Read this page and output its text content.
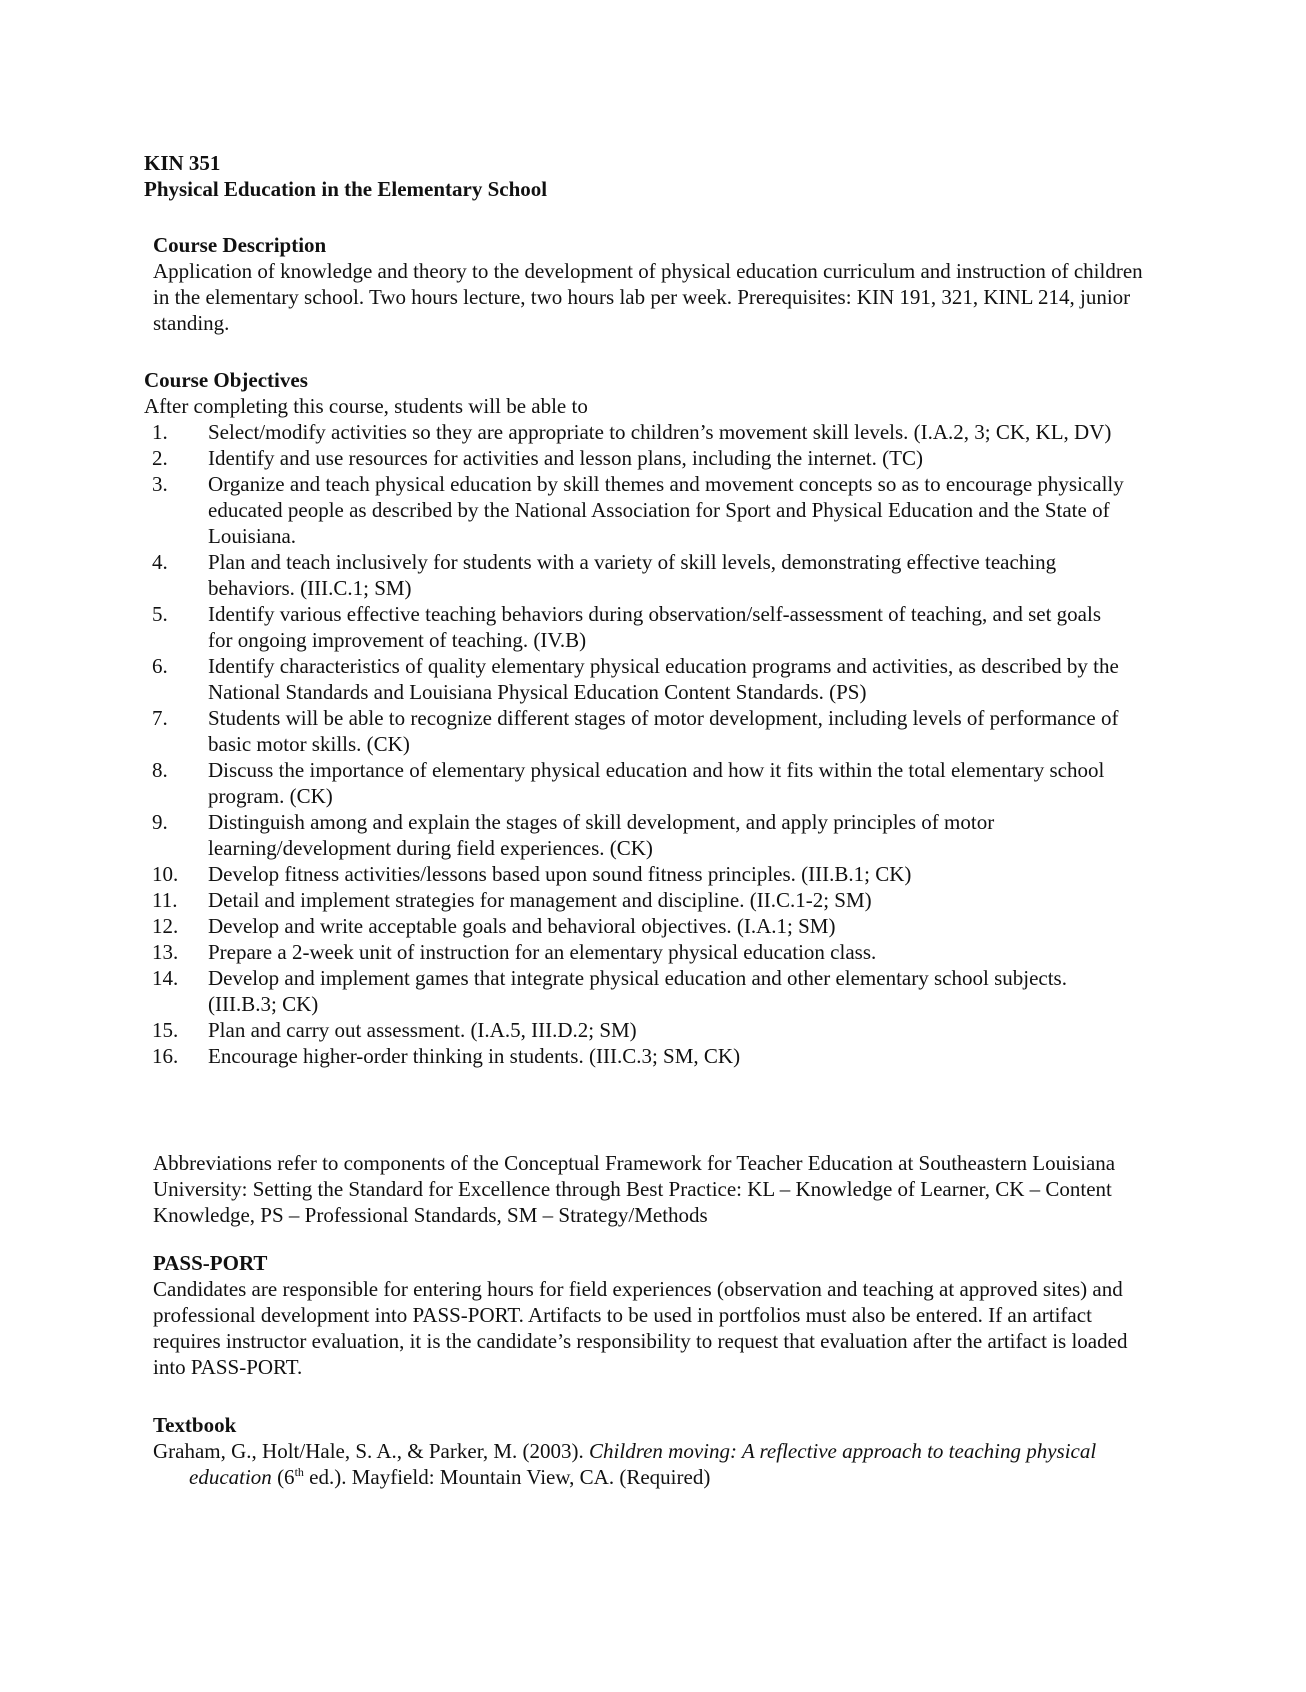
KIN 351
Physical Education in the Elementary School
Course Description
Application of knowledge and theory to the development of physical education curriculum and instruction of children in the elementary school. Two hours lecture, two hours lab per week. Prerequisites: KIN 191, 321, KINL 214, junior standing.
Course Objectives
After completing this course, students will be able to
1.	Select/modify activities so they are appropriate to children’s movement skill levels. (I.A.2, 3; CK, KL, DV)
2.	Identify and use resources for activities and lesson plans, including the internet. (TC)
3.	Organize and teach physical education by skill themes and movement concepts so as to encourage physically educated people as described by the National Association for Sport and Physical Education and the State of Louisiana.
4.	Plan and teach inclusively for students with a variety of skill levels, demonstrating effective teaching behaviors. (III.C.1; SM)
5.	Identify various effective teaching behaviors during observation/self-assessment of teaching, and set goals for ongoing improvement of teaching. (IV.B)
6.	Identify characteristics of quality elementary physical education programs and activities, as described by the National Standards and Louisiana Physical Education Content Standards. (PS)
7.	Students will be able to recognize different stages of motor development, including levels of performance of basic motor skills. (CK)
8.	Discuss the importance of elementary physical education and how it fits within the total elementary school program. (CK)
9.	Distinguish among and explain the stages of skill development, and apply principles of motor learning/development during field experiences. (CK)
10.	Develop fitness activities/lessons based upon sound fitness principles. (III.B.1; CK)
11.	Detail and implement strategies for management and discipline. (II.C.1-2; SM)
12.	Develop and write acceptable goals and behavioral objectives. (I.A.1; SM)
13.	Prepare a 2-week unit of instruction for an elementary physical education class.
14.	Develop and implement games that integrate physical education and other elementary school subjects. (III.B.3; CK)
15.	Plan and carry out assessment. (I.A.5, III.D.2; SM)
16.	Encourage higher-order thinking in students. (III.C.3; SM, CK)
Abbreviations refer to components of the Conceptual Framework for Teacher Education at Southeastern Louisiana University: Setting the Standard for Excellence through Best Practice: KL – Knowledge of Learner, CK – Content Knowledge, PS – Professional Standards, SM – Strategy/Methods
PASS-PORT
Candidates are responsible for entering hours for field experiences (observation and teaching at approved sites) and professional development into PASS-PORT. Artifacts to be used in portfolios must also be entered. If an artifact requires instructor evaluation, it is the candidate’s responsibility to request that evaluation after the artifact is loaded into PASS-PORT.
Textbook
Graham, G., Holt/Hale, S. A., & Parker, M. (2003). Children moving: A reflective approach to teaching physical education (6th ed.). Mayfield: Mountain View, CA. (Required)
